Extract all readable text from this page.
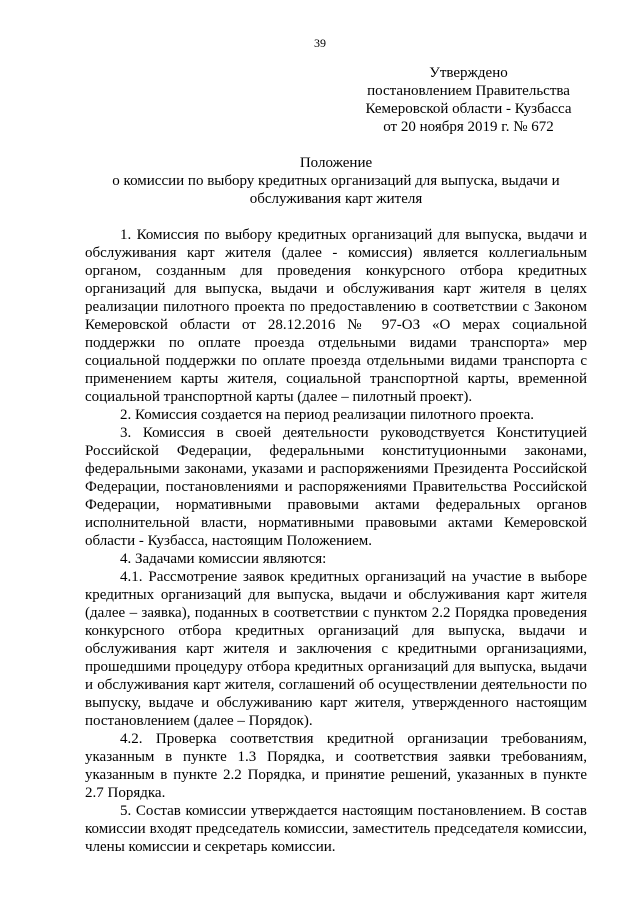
39
Утверждено
постановлением Правительства
Кемеровской области - Кузбасса
от 20 ноября 2019 г. № 672
Положение
о комиссии по выбору кредитных организаций для выпуска, выдачи и
обслуживания карт жителя

1. Комиссия по выбору кредитных организаций для выпуска, выдачи и обслуживания карт жителя (далее - комиссия) является коллегиальным органом, созданным для проведения конкурсного отбора кредитных организаций для выпуска, выдачи и обслуживания карт жителя в целях реализации пилотного проекта по предоставлению в соответствии с Законом Кемеровской области от 28.12.2016 № 97-ОЗ «О мерах социальной поддержки по оплате проезда отдельными видами транспорта» мер социальной поддержки по оплате проезда отдельными видами транспорта с применением карты жителя, социальной транспортной карты, временной социальной транспортной карты (далее – пилотный проект).

2. Комиссия создается на период реализации пилотного проекта.

3. Комиссия в своей деятельности руководствуется Конституцией Российской Федерации, федеральными конституционными законами, федеральными законами, указами и распоряжениями Президента Российской Федерации, постановлениями и распоряжениями Правительства Российской Федерации, нормативными правовыми актами федеральных органов исполнительной власти, нормативными правовыми актами Кемеровской области - Кузбасса, настоящим Положением.

4. Задачами комиссии являются:

4.1. Рассмотрение заявок кредитных организаций на участие в выборе кредитных организаций для выпуска, выдачи и обслуживания карт жителя (далее – заявка), поданных в соответствии с пунктом 2.2 Порядка проведения конкурсного отбора кредитных организаций для выпуска, выдачи и обслуживания карт жителя и заключения с кредитными организациями, прошедшими процедуру отбора кредитных организаций для выпуска, выдачи и обслуживания карт жителя, соглашений об осуществлении деятельности по выпуску, выдаче и обслуживанию карт жителя, утвержденного настоящим постановлением (далее – Порядок).

4.2. Проверка соответствия кредитной организации требованиям, указанным в пункте 1.3 Порядка, и соответствия заявки требованиям, указанным в пункте 2.2 Порядка, и принятие решений, указанных в пункте 2.7 Порядка.

5. Состав комиссии утверждается настоящим постановлением. В состав комиссии входят председатель комиссии, заместитель председателя комиссии, члены комиссии и секретарь комиссии.
